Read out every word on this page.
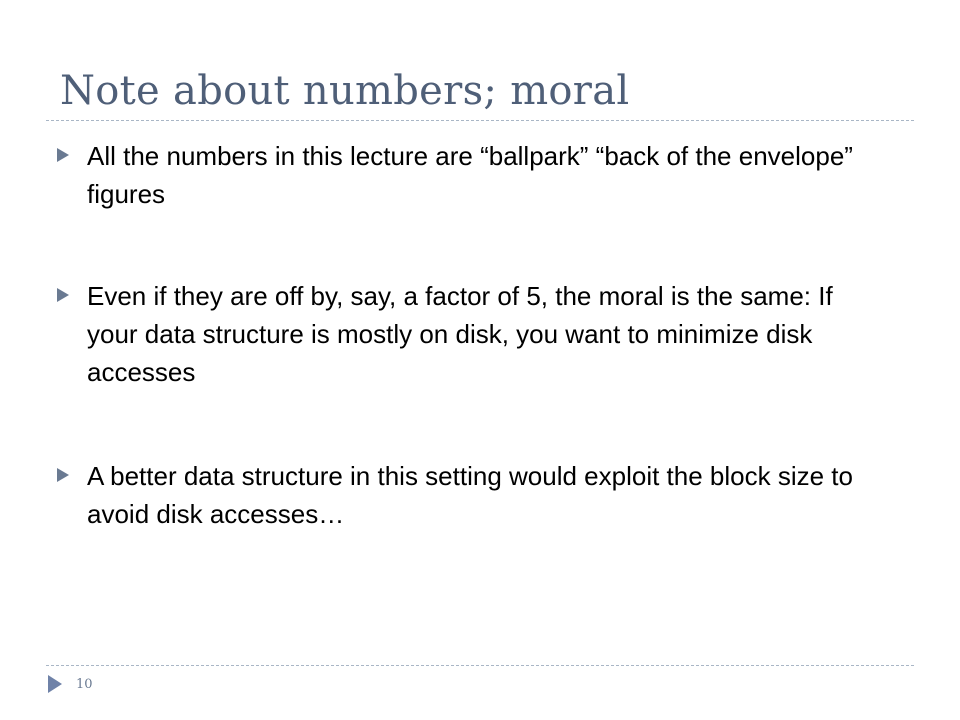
Note about numbers; moral
All the numbers in this lecture are “ballpark” “back of the envelope” figures
Even if they are off by, say, a factor of 5, the moral is the same: If your data structure is mostly on disk, you want to minimize disk accesses
A better data structure in this setting would exploit the block size to avoid disk accesses…
10
